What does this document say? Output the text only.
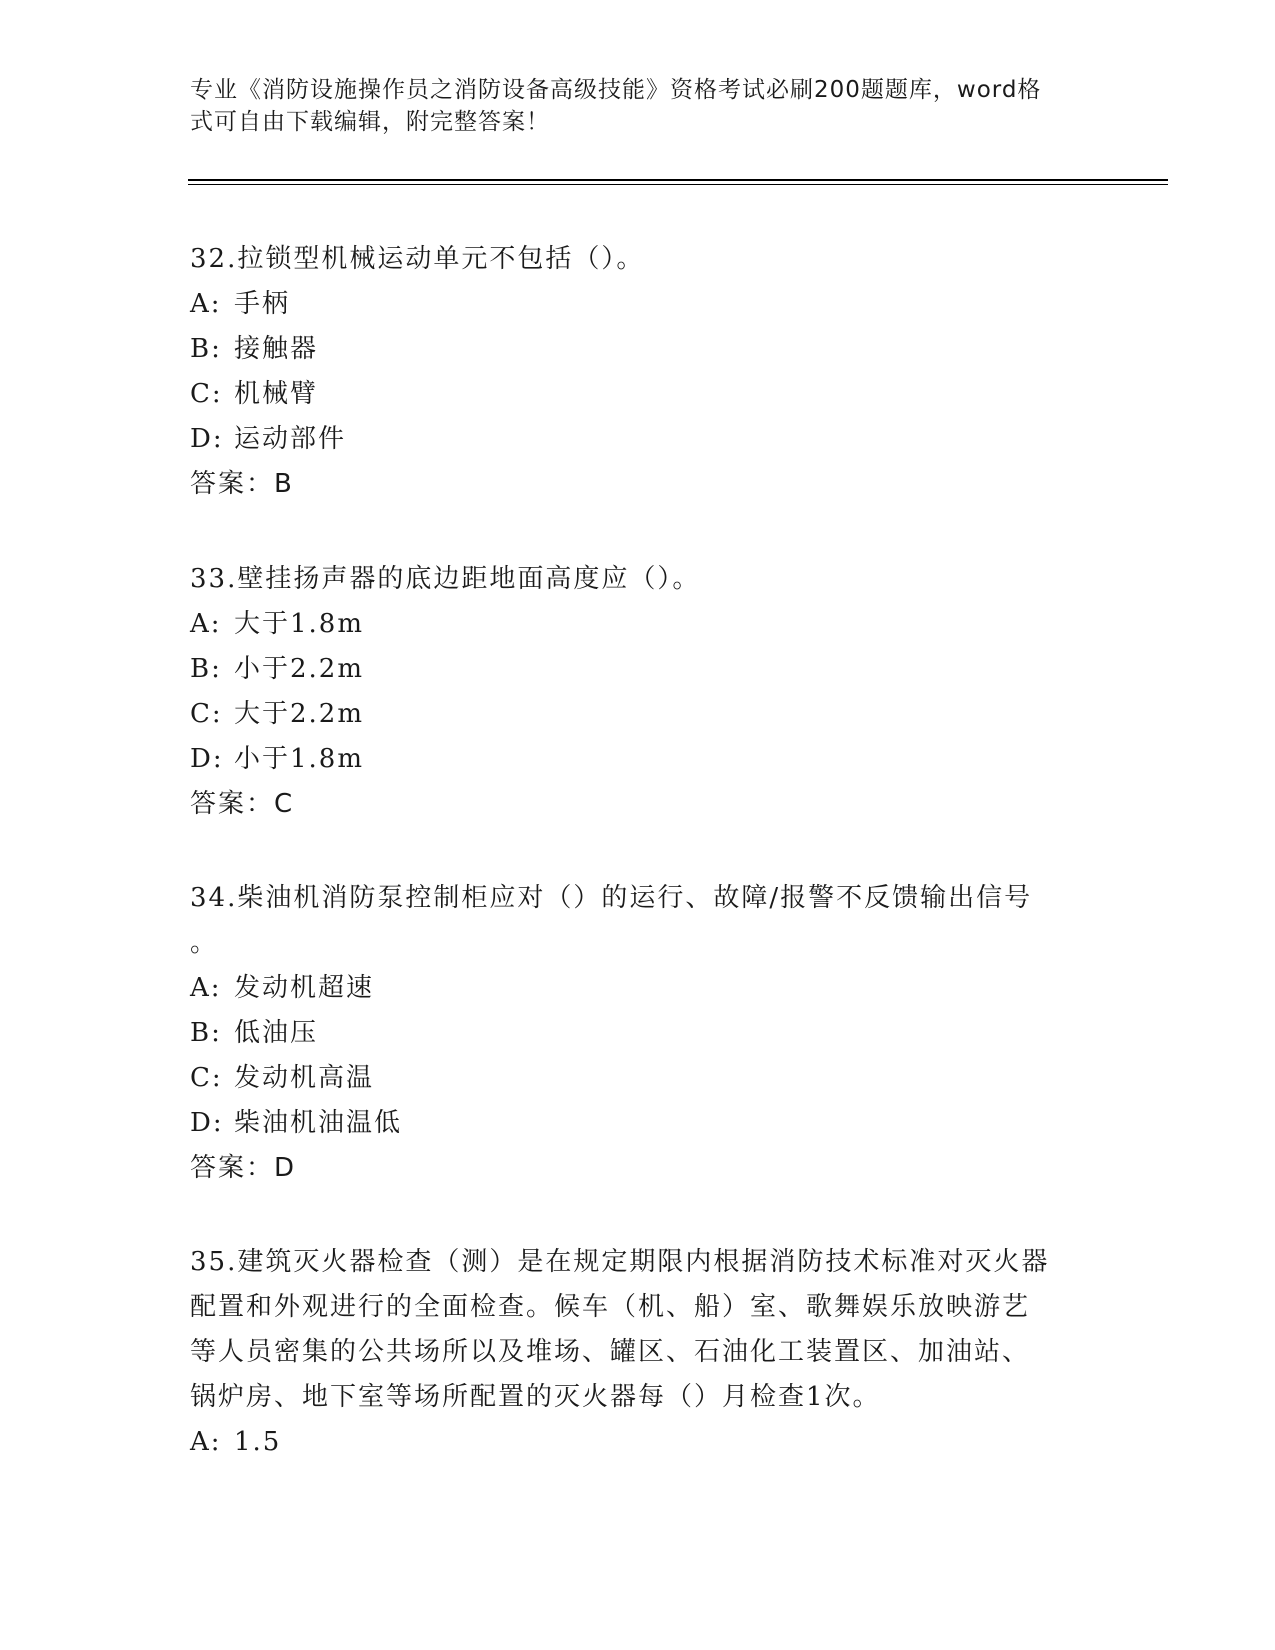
专业《消防设施操作员之消防设备高级技能》资格考试必刷200题题库，word格
式可自由下载编辑，附完整答案！
32.拉锁型机械运动单元不包括（）。
A: 手柄
B: 接触器
C: 机械臂
D: 运动部件
答案：B
33.壁挂扬声器的底边距地面高度应（）。
A: 大于1.8m
B: 小于2.2m
C: 大于2.2m
D: 小于1.8m
答案：C
34.柴油机消防泵控制柜应对（）的运行、故障/报警不反馈输出信号
。
A: 发动机超速
B: 低油压
C: 发动机高温
D: 柴油机油温低
答案：D
35.建筑灭火器检查（测）是在规定期限内根据消防技术标准对灭火器
配置和外观进行的全面检查。候车（机、船）室、歌舞娱乐放映游艺
等人员密集的公共场所以及堆场、罐区、石油化工装置区、加油站、
锅炉房、地下室等场所配置的灭火器每（）月检查1次。
A: 1.5
